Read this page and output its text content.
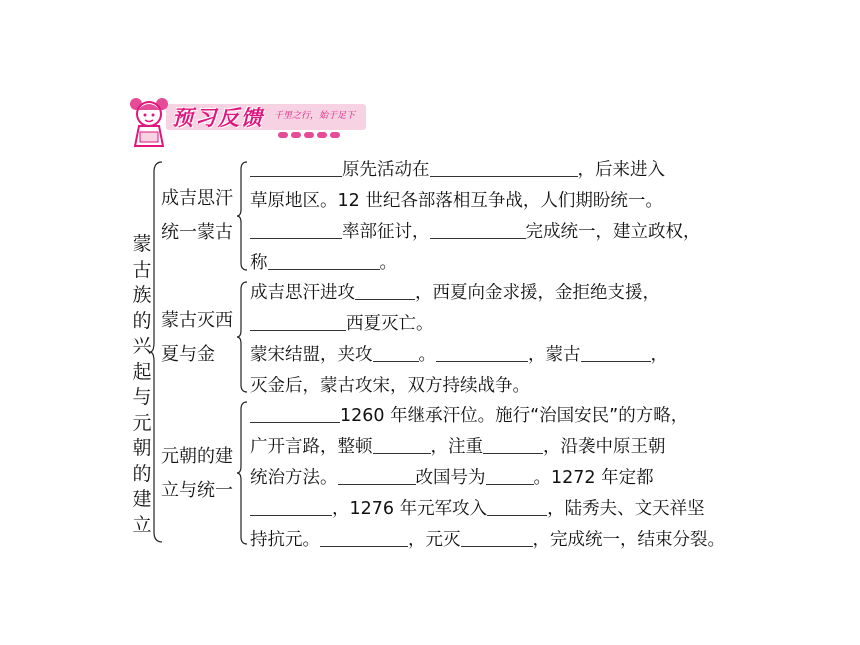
预习反馈 千里之行，始于足下
蒙
古
族
的
兴
起
与
元
朝
的
建
立
成吉思汗
统一蒙古
原先活动在	，后来进入
草原地区。12 世纪各部落相互争战，人们期盼统一。
率部征讨，	完成统一，建立政权，
称	。
蒙古灭西
夏与金
成吉思汗进攻	，西夏向金求援，金拒绝支援，
西夏灭亡。
蒙宋结盟，夹攻	。	，蒙古	，
灭金后，蒙古攻宋，双方持续战争。
元朝的建
立与统一
1260 年继承汗位。施行“治国安民”的方略，
广开言路，整顿	，注重	，沿袭中原王朝
统治方法。	改国号为	。1272 年定都
，1276 年元军攻入	，陆秀夫、文天祥坚
持抗元。	，元灭	，完成统一，结束分裂。
